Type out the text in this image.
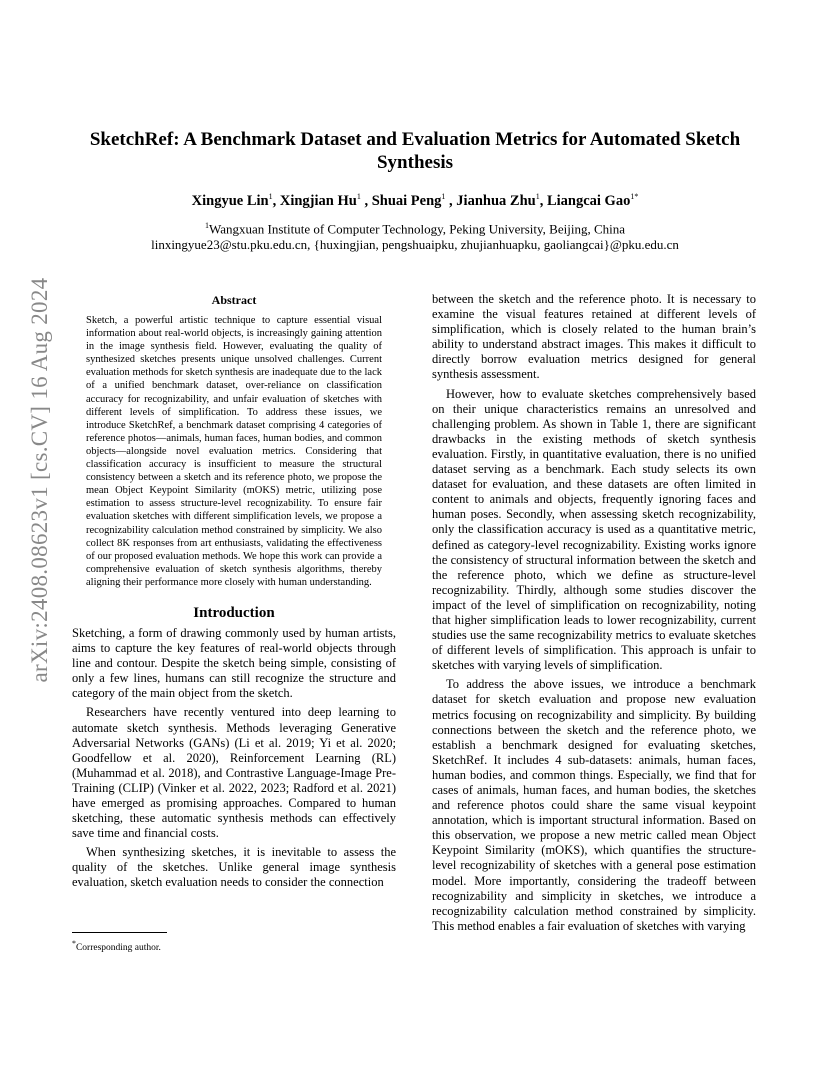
arXiv:2408.08623v1 [cs.CV] 16 Aug 2024
SketchRef: A Benchmark Dataset and Evaluation Metrics for Automated Sketch Synthesis
Xingyue Lin$^1$, Xingjian Hu$^1$ , Shuai Peng$^1$ , Jianhua Zhu$^1$, Liangcai Gao$^{1*}$
$^1$Wangxuan Institute of Computer Technology, Peking University, Beijing, China
linxingyue23@stu.pku.edu.cn, {huxingjian, pengshuaipku, zhujianhuapku, gaoliangcai}@pku.edu.cn
Abstract
Sketch, a powerful artistic technique to capture essential visual information about real-world objects, is increasingly gaining attention in the image synthesis field. However, evaluating the quality of synthesized sketches presents unique unsolved challenges. Current evaluation methods for sketch synthesis are inadequate due to the lack of a unified benchmark dataset, over-reliance on classification accuracy for recognizability, and unfair evaluation of sketches with different levels of simplification. To address these issues, we introduce SketchRef, a benchmark dataset comprising 4 categories of reference photos—animals, human faces, human bodies, and common objects—alongside novel evaluation metrics. Considering that classification accuracy is insufficient to measure the structural consistency between a sketch and its reference photo, we propose the mean Object Keypoint Similarity (mOKS) metric, utilizing pose estimation to assess structure-level recognizability. To ensure fair evaluation sketches with different simplification levels, we propose a recognizability calculation method constrained by simplicity. We also collect 8K responses from art enthusiasts, validating the effectiveness of our proposed evaluation methods. We hope this work can provide a comprehensive evaluation of sketch synthesis algorithms, thereby aligning their performance more closely with human understanding.
Introduction

Sketching, a form of drawing commonly used by human artists, aims to capture the key features of real-world objects through line and contour. Despite the sketch being simple, consisting of only a few lines, humans can still recognize the structure and category of the main object from the sketch.

Researchers have recently ventured into deep learning to automate sketch synthesis. Methods leveraging Generative Adversarial Networks (GANs) (Li et al. 2019; Yi et al. 2020; Goodfellow et al. 2020), Reinforcement Learning (RL) (Muhammad et al. 2018), and Contrastive Language-Image Pre-Training (CLIP) (Vinker et al. 2022, 2023; Radford et al. 2021) have emerged as promising approaches. Compared to human sketching, these automatic synthesis methods can effectively save time and financial costs.

When synthesizing sketches, it is inevitable to assess the quality of the sketches. Unlike general image synthesis evaluation, sketch evaluation needs to consider the connection

between the sketch and the reference photo. It is necessary to examine the visual features retained at different levels of simplification, which is closely related to the human brain’s ability to understand abstract images. This makes it difficult to directly borrow evaluation metrics designed for general synthesis assessment.

However, how to evaluate sketches comprehensively based on their unique characteristics remains an unresolved and challenging problem. As shown in Table 1, there are significant drawbacks in the existing methods of sketch synthesis evaluation. Firstly, in quantitative evaluation, there is no unified dataset serving as a benchmark. Each study selects its own dataset for evaluation, and these datasets are often limited in content to animals and objects, frequently ignoring faces and human poses. Secondly, when assessing sketch recognizability, only the classification accuracy is used as a quantitative metric, defined as category-level recognizability. Existing works ignore the consistency of structural information between the sketch and the reference photo, which we define as structure-level recognizability. Thirdly, although some studies discover the impact of the level of simplification on recognizability, noting that higher simplification leads to lower recognizability, current studies use the same recognizability metrics to evaluate sketches of different levels of simplification. This approach is unfair to sketches with varying levels of simplification.

To address the above issues, we introduce a benchmark dataset for sketch evaluation and propose new evaluation metrics focusing on recognizability and simplicity. By building connections between the sketch and the reference photo, we establish a benchmark designed for evaluating sketches, SketchRef. It includes 4 sub-datasets: animals, human faces, human bodies, and common things. Especially, we find that for cases of animals, human faces, and human bodies, the sketches and reference photos could share the same visual keypoint annotation, which is important structural information. Based on this observation, we propose a new metric called mean Object Keypoint Similarity (mOKS), which quantifies the structure-level recognizability of sketches with a general pose estimation model. More importantly, considering the tradeoff between recognizability and simplicity in sketches, we introduce a recognizability calculation method constrained by simplicity. This method enables a fair evaluation of sketches with varying

*Corresponding author.
